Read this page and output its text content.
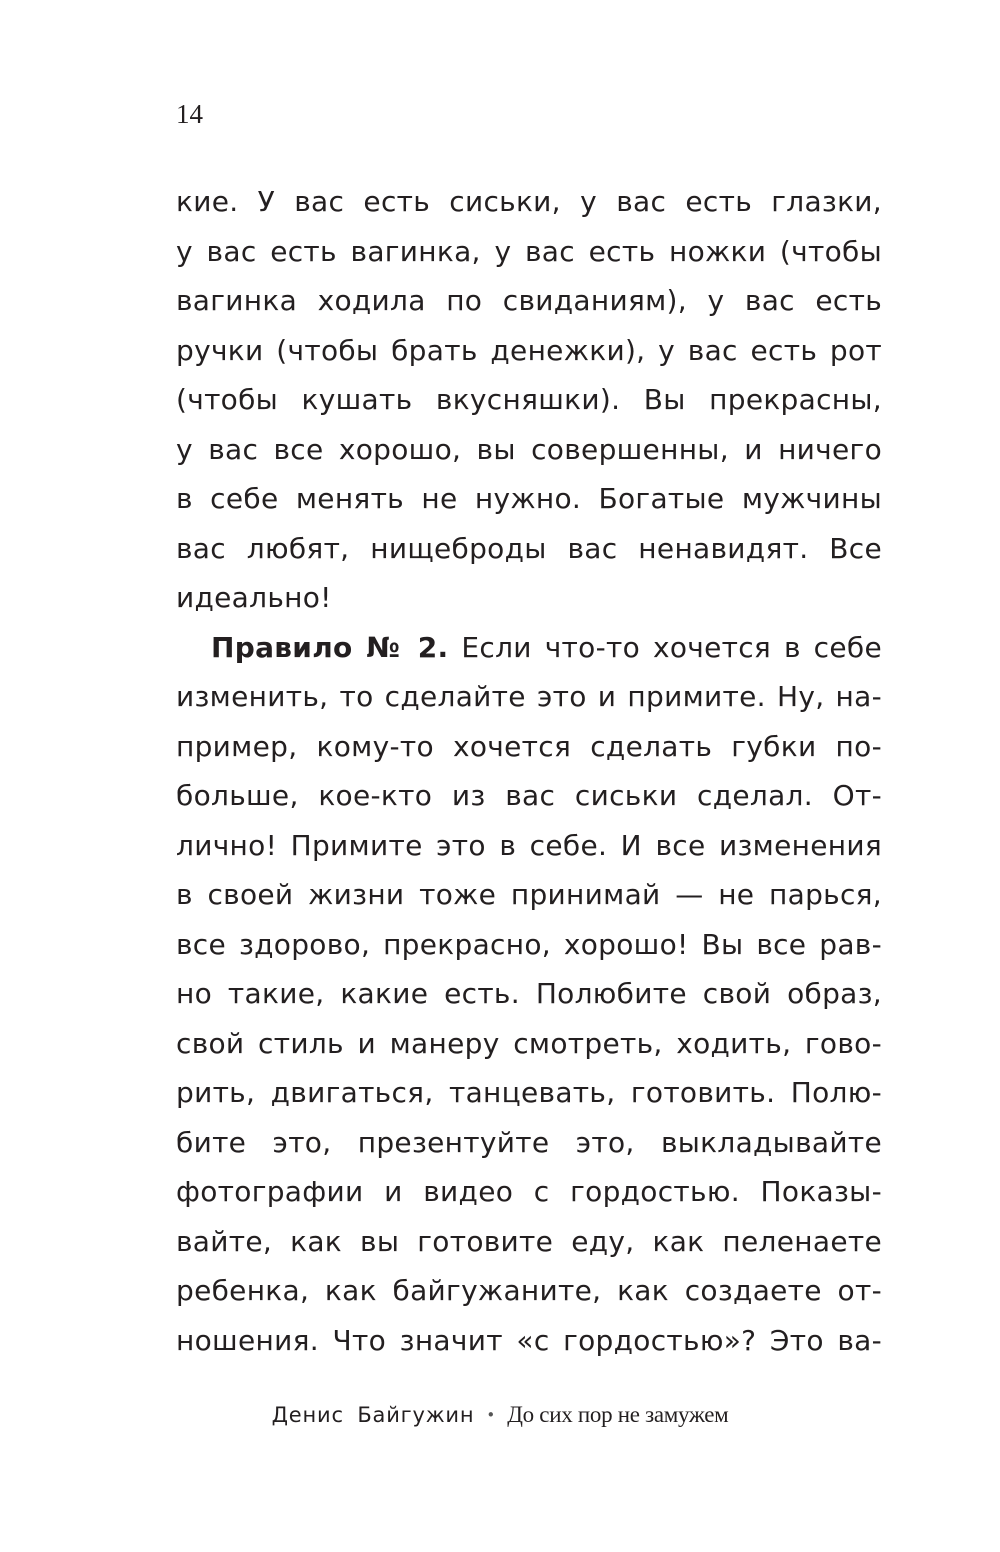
14
кие. У вас есть сиськи, у вас есть глазки,
у вас есть вагинка, у вас есть ножки (чтобы
вагинка ходила по свиданиям), у вас есть
ручки (чтобы брать денежки), у вас есть рот
(чтобы кушать вкусняшки). Вы прекрасны,
у вас все хорошо, вы совершенны, и ничего
в себе менять не нужно. Богатые мужчины
вас любят, нищеброды вас ненавидят. Все
идеально!
Правило № 2. Если что-то хочется в себе
изменить, то сделайте это и примите. Ну, на-
пример, кому-то хочется сделать губки по-
больше, кое-кто из вас сиськи сделал. От-
лично! Примите это в себе. И все изменения
в своей жизни тоже принимай — не парься,
все здорово, прекрасно, хорошо! Вы все рав-
но такие, какие есть. Полюбите свой образ,
свой стиль и манеру смотреть, ходить, гово-
рить, двигаться, танцевать, готовить. Полю-
бите это, презентуйте это, выкладывайте
фотографии и видео с гордостью. Показы-
вайте, как вы готовите еду, как пеленаете
ребенка, как байгужаните, как создаете от-
ношения. Что значит «с гордостью»? Это ва-
Денис Байгужин • До сих пор не замужем
